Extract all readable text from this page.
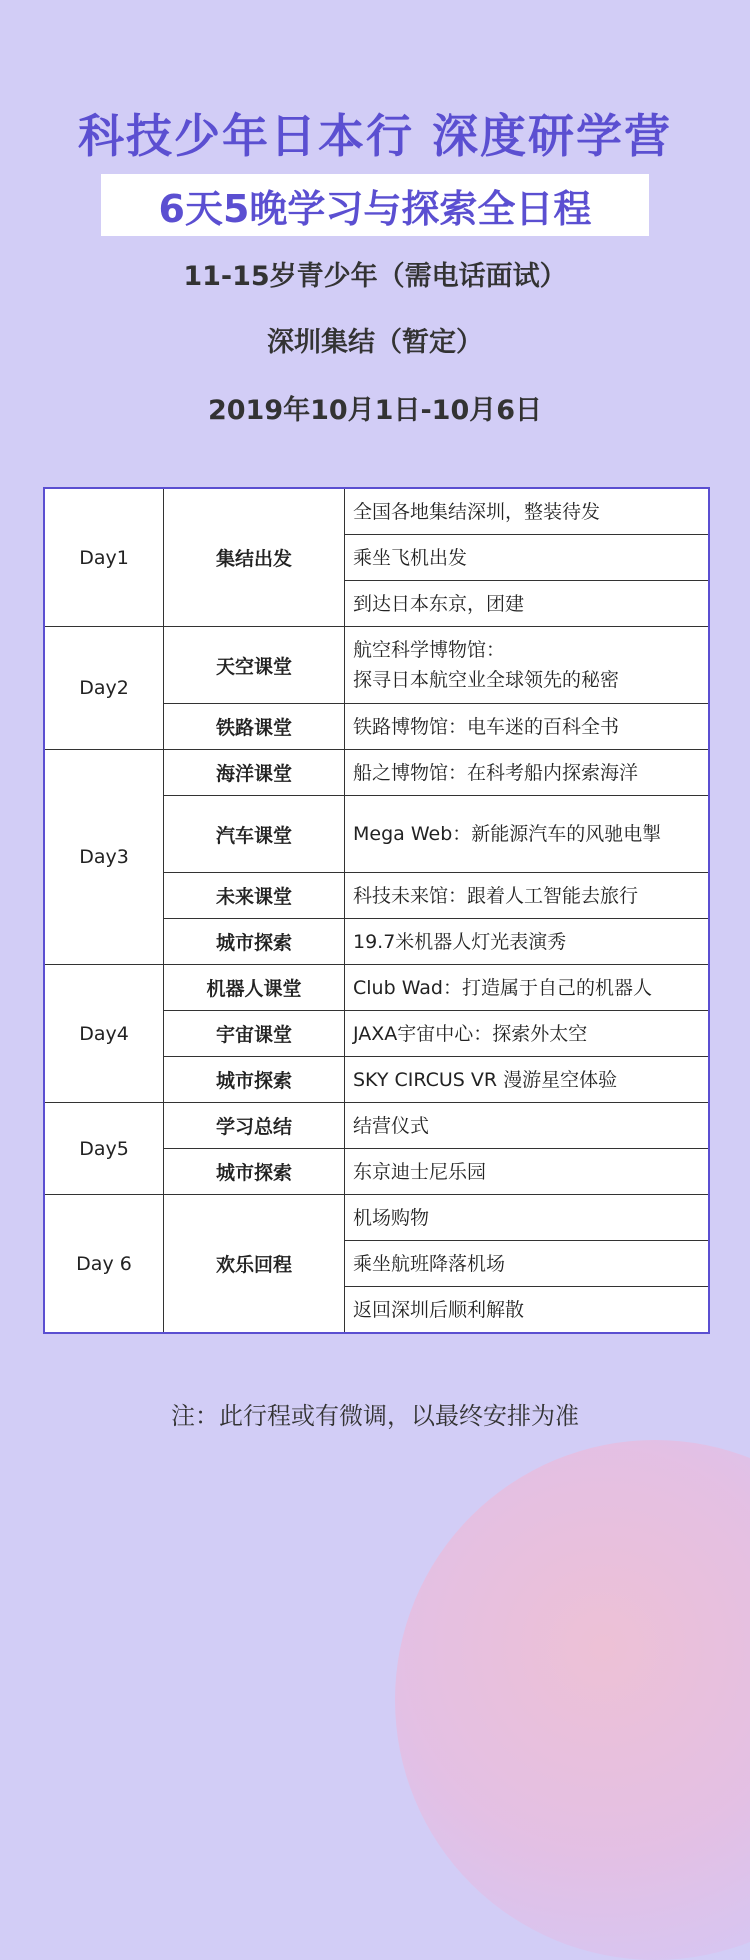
科技少年日本行 深度研学营
6天5晚学习与探索全日程
11-15岁青少年（需电话面试）
深圳集结（暂定）
2019年10月1日-10月6日
Day1	集结出发	全国各地集结深圳，整装待发
		乘坐飞机出发
		到达日本东京，团建
Day2	天空课堂	航空科学博物馆：
探寻日本航空业全球领先的秘密
	铁路课堂	铁路博物馆：电车迷的百科全书
Day3	海洋课堂	船之博物馆：在科考船内探索海洋
	汽车课堂	Mega Web：新能源汽车的风驰电掣
	未来课堂	科技未来馆：跟着人工智能去旅行
	城市探索	19.7米机器人灯光表演秀
Day4	机器人课堂	Club Wad：打造属于自己的机器人
	宇宙课堂	JAXA宇宙中心：探索外太空
	城市探索	SKY CIRCUS VR 漫游星空体验
Day5	学习总结	结营仪式
	城市探索	东京迪士尼乐园
Day 6	欢乐回程	机场购物
		乘坐航班降落机场
		返回深圳后顺利解散
注：此行程或有微调，以最终安排为准
